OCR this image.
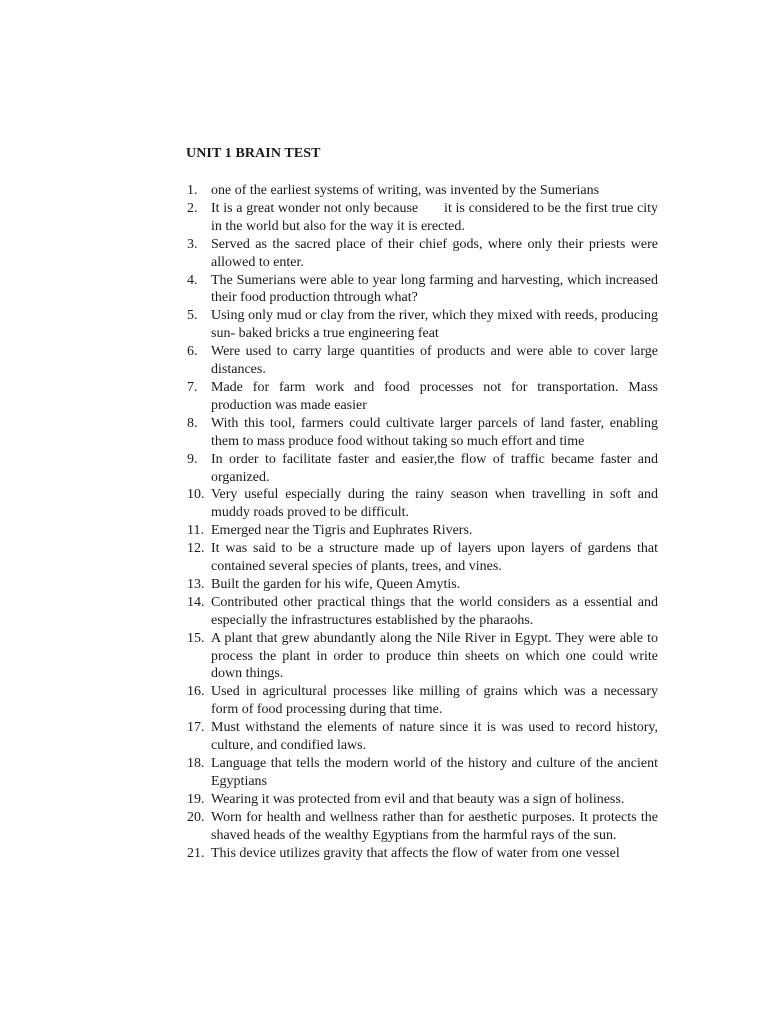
UNIT 1 BRAIN TEST
1. one of the earliest systems of writing, was invented by the Sumerians
2. It is a great wonder not only because       it is considered to be the first true city in the world but also for the way it is erected.
3. Served as the sacred place of their chief gods, where only their priests were allowed to enter.
4. The Sumerians were able to year long farming and harvesting, which increased their food production thtrough what?
5. Using only mud or clay from the river, which they mixed with reeds, producing sun- baked bricks a true engineering feat
6. Were used to carry large quantities of products and were able to cover large distances.
7. Made for farm work and food processes not for transportation. Mass production was made easier
8. With this tool, farmers could cultivate larger parcels of land faster, enabling them to mass produce food without taking so much effort and time
9. In order to facilitate faster and easier,the flow of traffic became faster and organized.
10. Very useful especially during the rainy season when travelling in soft and muddy roads proved to be difficult.
11. Emerged near the Tigris and Euphrates Rivers.
12. It was said to be a structure made up of layers upon layers of gardens that contained several species of plants, trees, and vines.
13. Built the garden for his wife, Queen Amytis.
14. Contributed other practical things that the world considers as a essential and especially the infrastructures established by the pharaohs.
15. A plant that grew abundantly along the Nile River in Egypt. They were able to process the plant in order to produce thin sheets on which one could write down things.
16. Used in agricultural processes like milling of grains which was a necessary form of food processing during that time.
17. Must withstand the elements of nature since it is was used to record history, culture, and condified laws.
18. Language that tells the modern world of the history and culture of the ancient Egyptians
19. Wearing it was protected from evil and that beauty was a sign of holiness.
20. Worn for health and wellness rather than for aesthetic purposes. It protects the shaved heads of the wealthy Egyptians from the harmful rays of the sun.
21. This device utilizes gravity that affects the flow of water from one vessel
